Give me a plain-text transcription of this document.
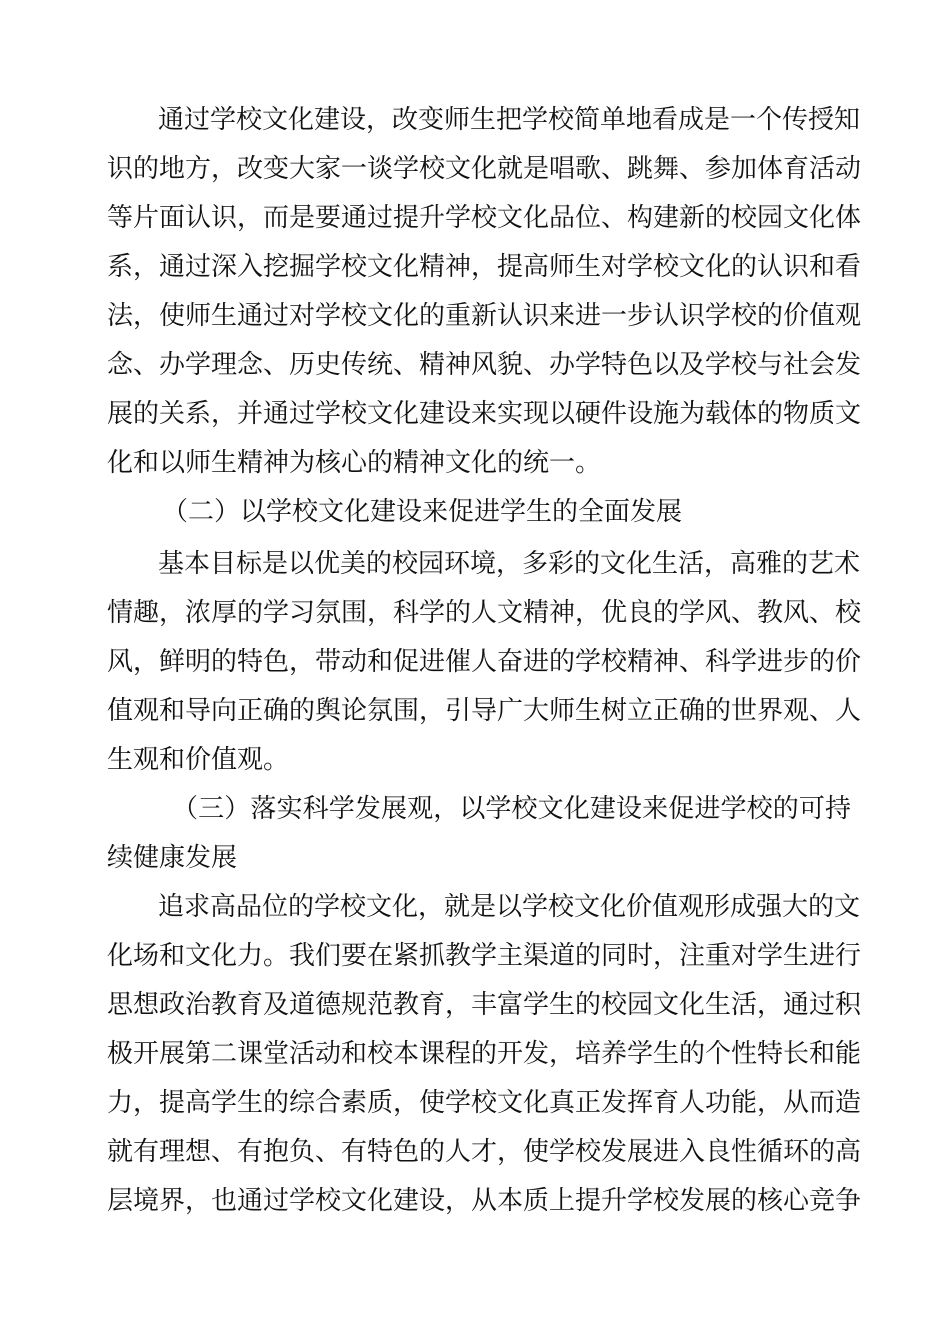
通过学校文化建设，改变师生把学校简单地看成是一个传授知
识的地方，改变大家一谈学校文化就是唱歌、跳舞、参加体育活动
等片面认识，而是要通过提升学校文化品位、构建新的校园文化体
系，通过深入挖掘学校文化精神，提高师生对学校文化的认识和看
法，使师生通过对学校文化的重新认识来进一步认识学校的价值观
念、办学理念、历史传统、精神风貌、办学特色以及学校与社会发
展的关系，并通过学校文化建设来实现以硬件设施为载体的物质文
化和以师生精神为核心的精神文化的统一。
（二）以学校文化建设来促进学生的全面发展
基本目标是以优美的校园环境，多彩的文化生活，高雅的艺术
情趣，浓厚的学习氛围，科学的人文精神，优良的学风、教风、校
风，鲜明的特色，带动和促进催人奋进的学校精神、科学进步的价
值观和导向正确的舆论氛围，引导广大师生树立正确的世界观、人
生观和价值观。
（三）落实科学发展观，以学校文化建设来促进学校的可持
续健康发展
追求高品位的学校文化，就是以学校文化价值观形成强大的文
化场和文化力。我们要在紧抓教学主渠道的同时，注重对学生进行
思想政治教育及道德规范教育，丰富学生的校园文化生活，通过积
极开展第二课堂活动和校本课程的开发，培养学生的个性特长和能
力，提高学生的综合素质，使学校文化真正发挥育人功能，从而造
就有理想、有抱负、有特色的人才，使学校发展进入良性循环的高
层境界，也通过学校文化建设，从本质上提升学校发展的核心竞争
